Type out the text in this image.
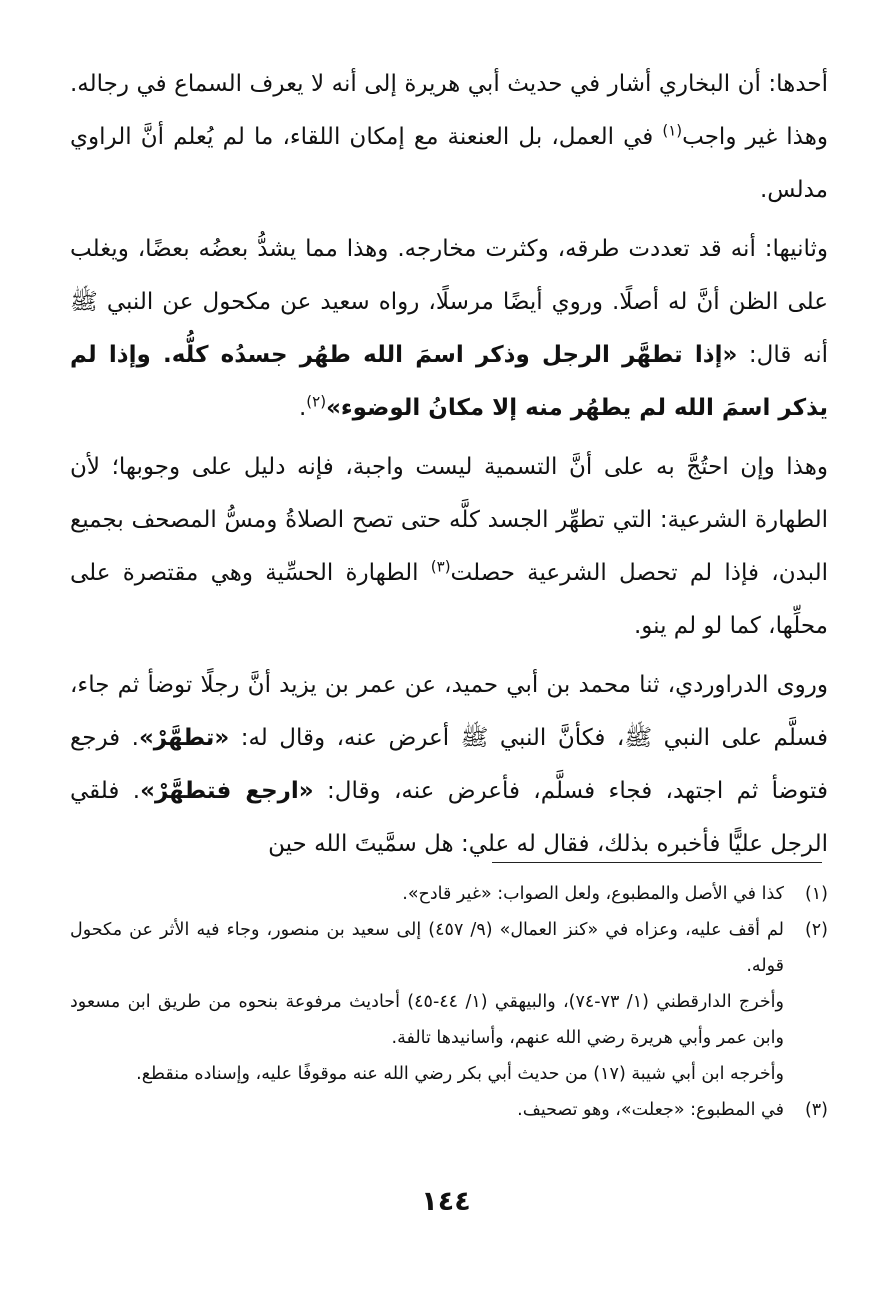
أحدها: أن البخاري أشار في حديث أبي هريرة إلى أنه لا يعرف السماع في رجاله. وهذا غير واجب$^{(١)}$ في العمل، بل العنعنة مع إمكان اللقاء، ما لم يُعلم أنَّ الراوي مدلس.

وثانيها: أنه قد تعددت طرقه، وكثرت مخارجه. وهذا مما يشدُّ بعضُه بعضًا، ويغلب على الظن أنَّ له أصلًا. وروي أيضًا مرسلًا، رواه سعيد عن مكحول عن النبي ﷺ أنه قال: «إذا تطهَّر الرجل وذكر اسمَ الله طهُر جسدُه كلُّه. وإذا لم يذكر اسمَ الله لم يطهُر منه إلا مكانُ الوضوء»$^{(٢)}$.

وهذا وإن احتُجَّ به على أنَّ التسمية ليست واجبة، فإنه دليل على وجوبها؛ لأن الطهارة الشرعية: التي تطهِّر الجسد كلَّه حتى تصح الصلاةُ ومسُّ المصحف بجميع البدن، فإذا لم تحصل الشرعية حصلت$^{(٣)}$ الطهارة الحسِّية وهي مقتصرة على محلِّها، كما لو لم ينو.

وروى الدراوردي، ثنا محمد بن أبي حميد، عن عمر بن يزيد أنَّ رجلًا توضأ ثم جاء، فسلَّم على النبي ﷺ، فكأنَّ النبي ﷺ أعرض عنه، وقال له: «تطهَّرْ». فرجع فتوضأ ثم اجتهد، فجاء فسلَّم، فأعرض عنه، وقال: «ارجع فتطهَّرْ». فلقي الرجل عليًّا فأخبره بذلك، فقال له علي: هل سمَّيتَ الله حين

(١)
كذا في الأصل والمطبوع، ولعل الصواب: «غير قادح».
(٢)
لم أقف عليه، وعزاه في «كنز العمال» (٩/ ٤٥٧) إلى سعيد بن منصور، وجاء فيه الأثر عن مكحول قوله.
وأخرج الدارقطني (١/ ٧٣-٧٤)، والبيهقي (١/ ٤٤-٤٥) أحاديث مرفوعة بنحوه من طريق ابن مسعود وابن عمر وأبي هريرة رضي الله عنهم، وأسانيدها تالفة.
وأخرجه ابن أبي شيبة (١٧) من حديث أبي بكر رضي الله عنه موقوفًا عليه، وإسناده منقطع.
(٣)
في المطبوع: «جعلت»، وهو تصحيف.
١٤٤
